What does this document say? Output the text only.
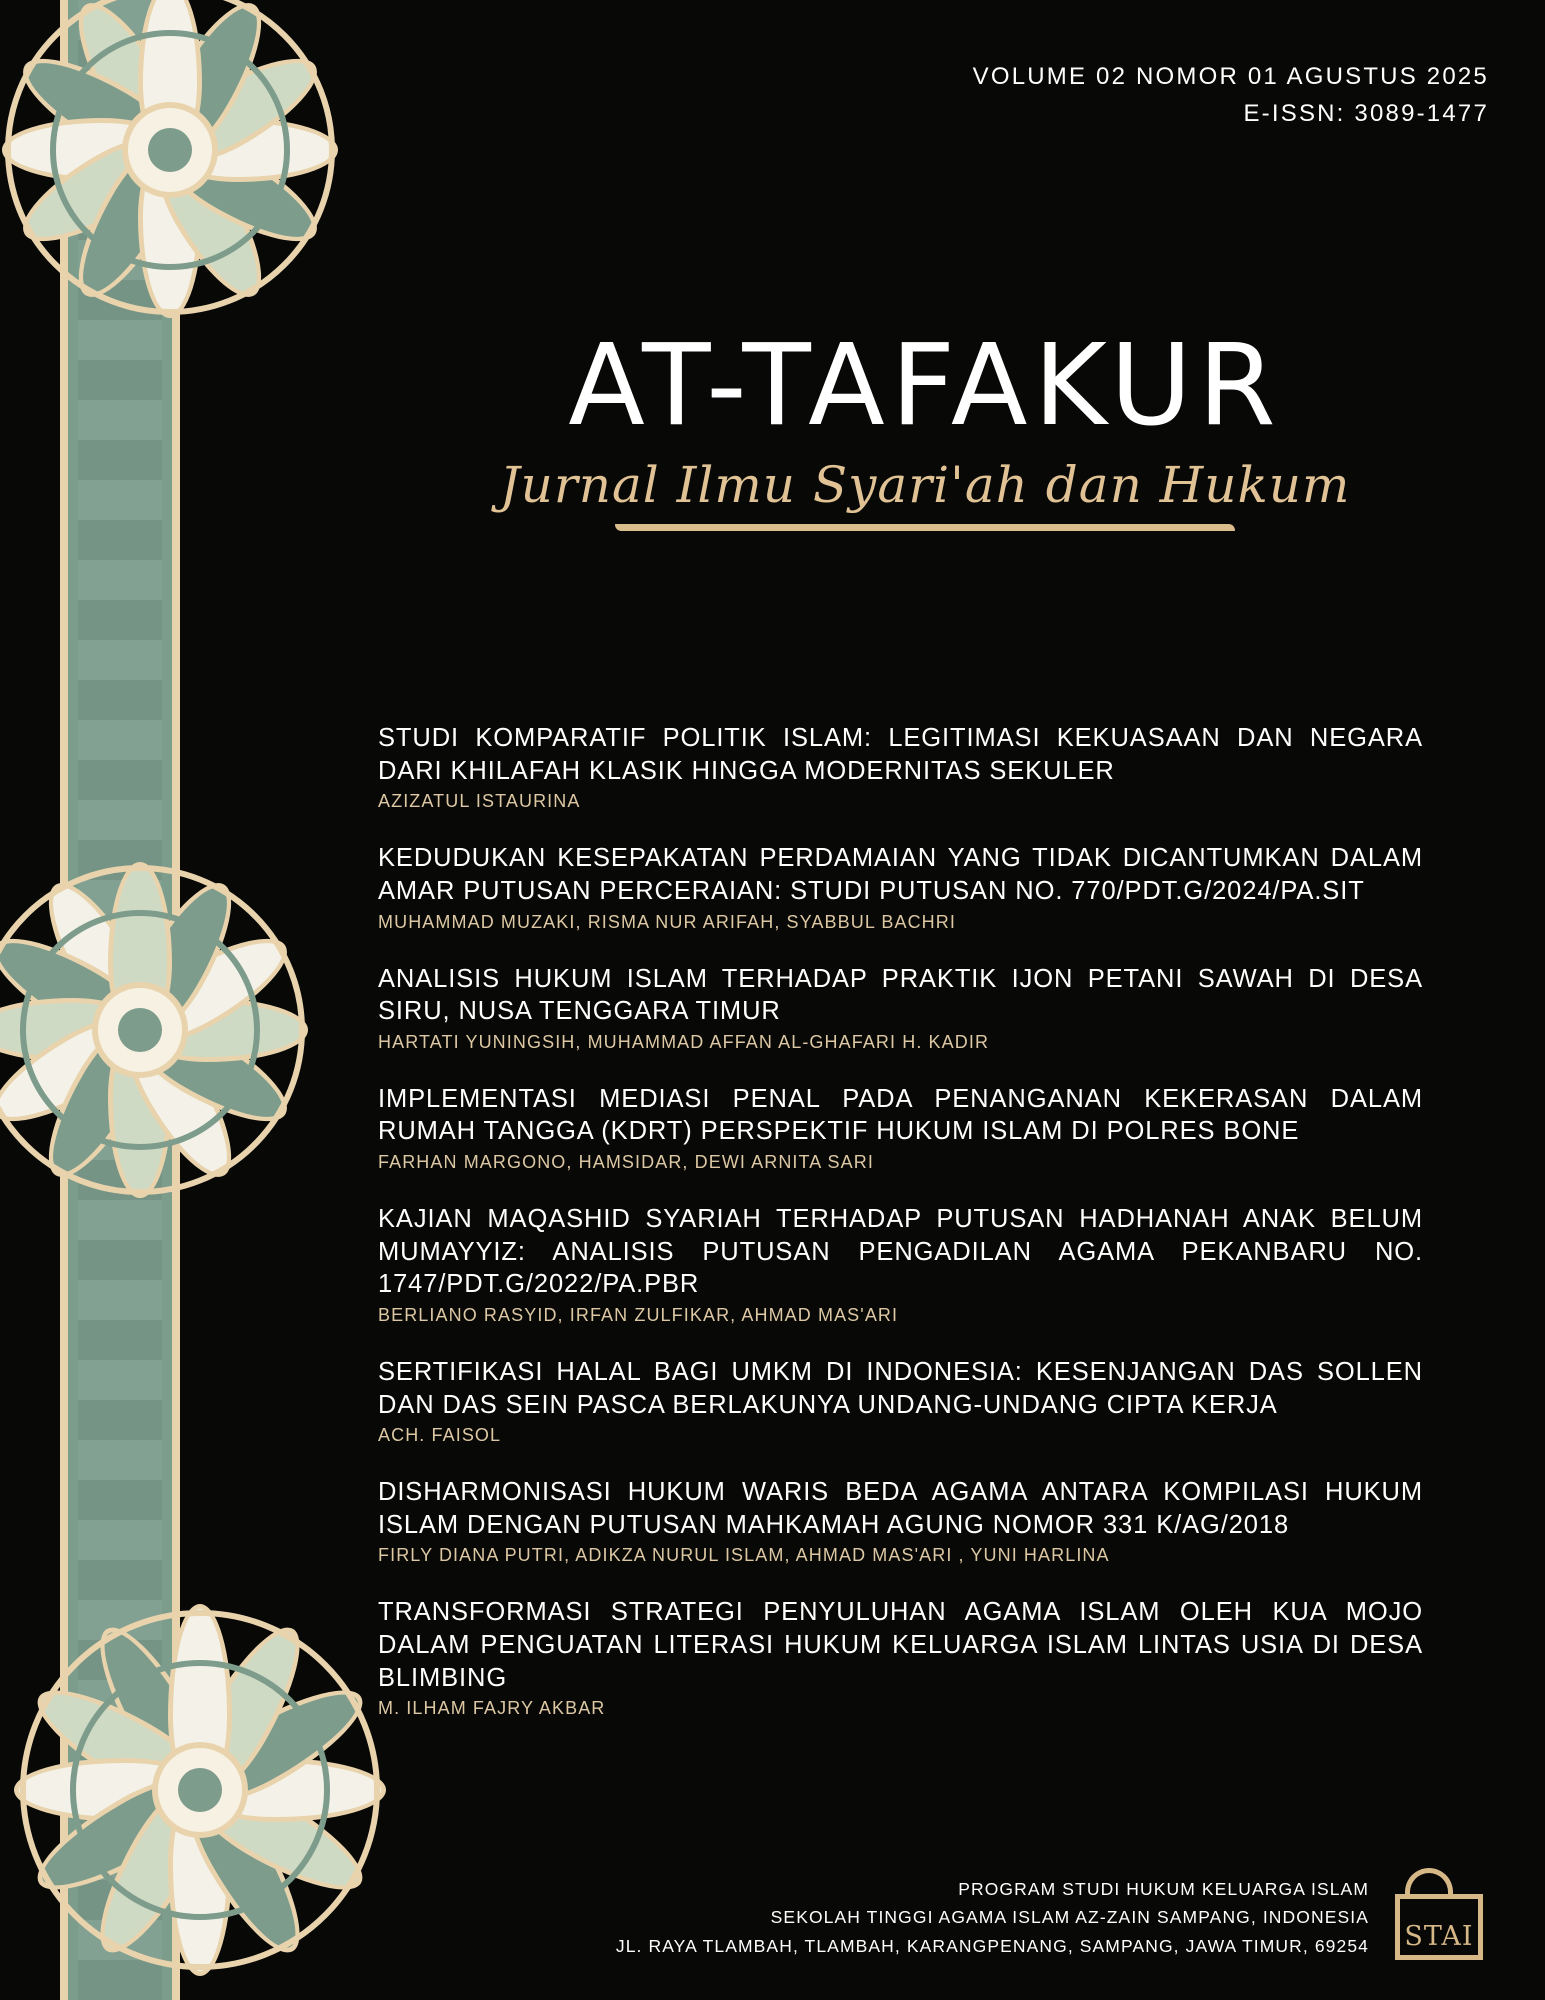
VOLUME 02 NOMOR 01 AGUSTUS 2025
E-ISSN: 3089-1477
AT-TAFAKUR

Jurnal Ilmu Syari'ah dan Hukum

STUDI KOMPARATIF POLITIK ISLAM: LEGITIMASI KEKUASAAN DAN NEGARA DARI KHILAFAH KLASIK HINGGA MODERNITAS SEKULER

AZIZATUL ISTAURINA

KEDUDUKAN KESEPAKATAN PERDAMAIAN YANG TIDAK DICANTUMKAN DALAM AMAR PUTUSAN PERCERAIAN: STUDI PUTUSAN NO. 770/PDT.G/2024/PA.SIT

MUHAMMAD MUZAKI, RISMA NUR ARIFAH, SYABBUL BACHRI

ANALISIS HUKUM ISLAM TERHADAP PRAKTIK IJON PETANI SAWAH DI DESA SIRU, NUSA TENGGARA TIMUR

HARTATI YUNINGSIH, MUHAMMAD AFFAN AL-GHAFARI H. KADIR

IMPLEMENTASI MEDIASI PENAL PADA PENANGANAN KEKERASAN DALAM RUMAH TANGGA (KDRT) PERSPEKTIF HUKUM ISLAM DI POLRES BONE

FARHAN MARGONO, HAMSIDAR, DEWI ARNITA SARI

KAJIAN MAQASHID SYARIAH TERHADAP PUTUSAN HADHANAH ANAK BELUM MUMAYYIZ: ANALISIS PUTUSAN PENGADILAN AGAMA PEKANBARU NO. 1747/PDT.G/2022/PA.PBR

BERLIANO RASYID, IRFAN ZULFIKAR, AHMAD MAS'ARI

SERTIFIKASI HALAL BAGI UMKM DI INDONESIA: KESENJANGAN DAS SOLLEN DAN DAS SEIN PASCA BERLAKUNYA UNDANG-UNDANG CIPTA KERJA

ACH. FAISOL

DISHARMONISASI HUKUM WARIS BEDA AGAMA ANTARA KOMPILASI HUKUM ISLAM DENGAN PUTUSAN MAHKAMAH AGUNG NOMOR 331 K/AG/2018

FIRLY DIANA PUTRI, ADIKZA NURUL ISLAM, AHMAD MAS'ARI , YUNI HARLINA

TRANSFORMASI STRATEGI PENYULUHAN AGAMA ISLAM OLEH KUA MOJO DALAM PENGUATAN LITERASI HUKUM KELUARGA ISLAM LINTAS USIA DI DESA BLIMBING

M. ILHAM FAJRY AKBAR

PROGRAM STUDI HUKUM KELUARGA ISLAM
SEKOLAH TINGGI AGAMA ISLAM AZ-ZAIN SAMPANG, INDONESIA
JL. RAYA TLAMBAH, TLAMBAH, KARANGPENANG, SAMPANG, JAWA TIMUR, 69254	STAI
